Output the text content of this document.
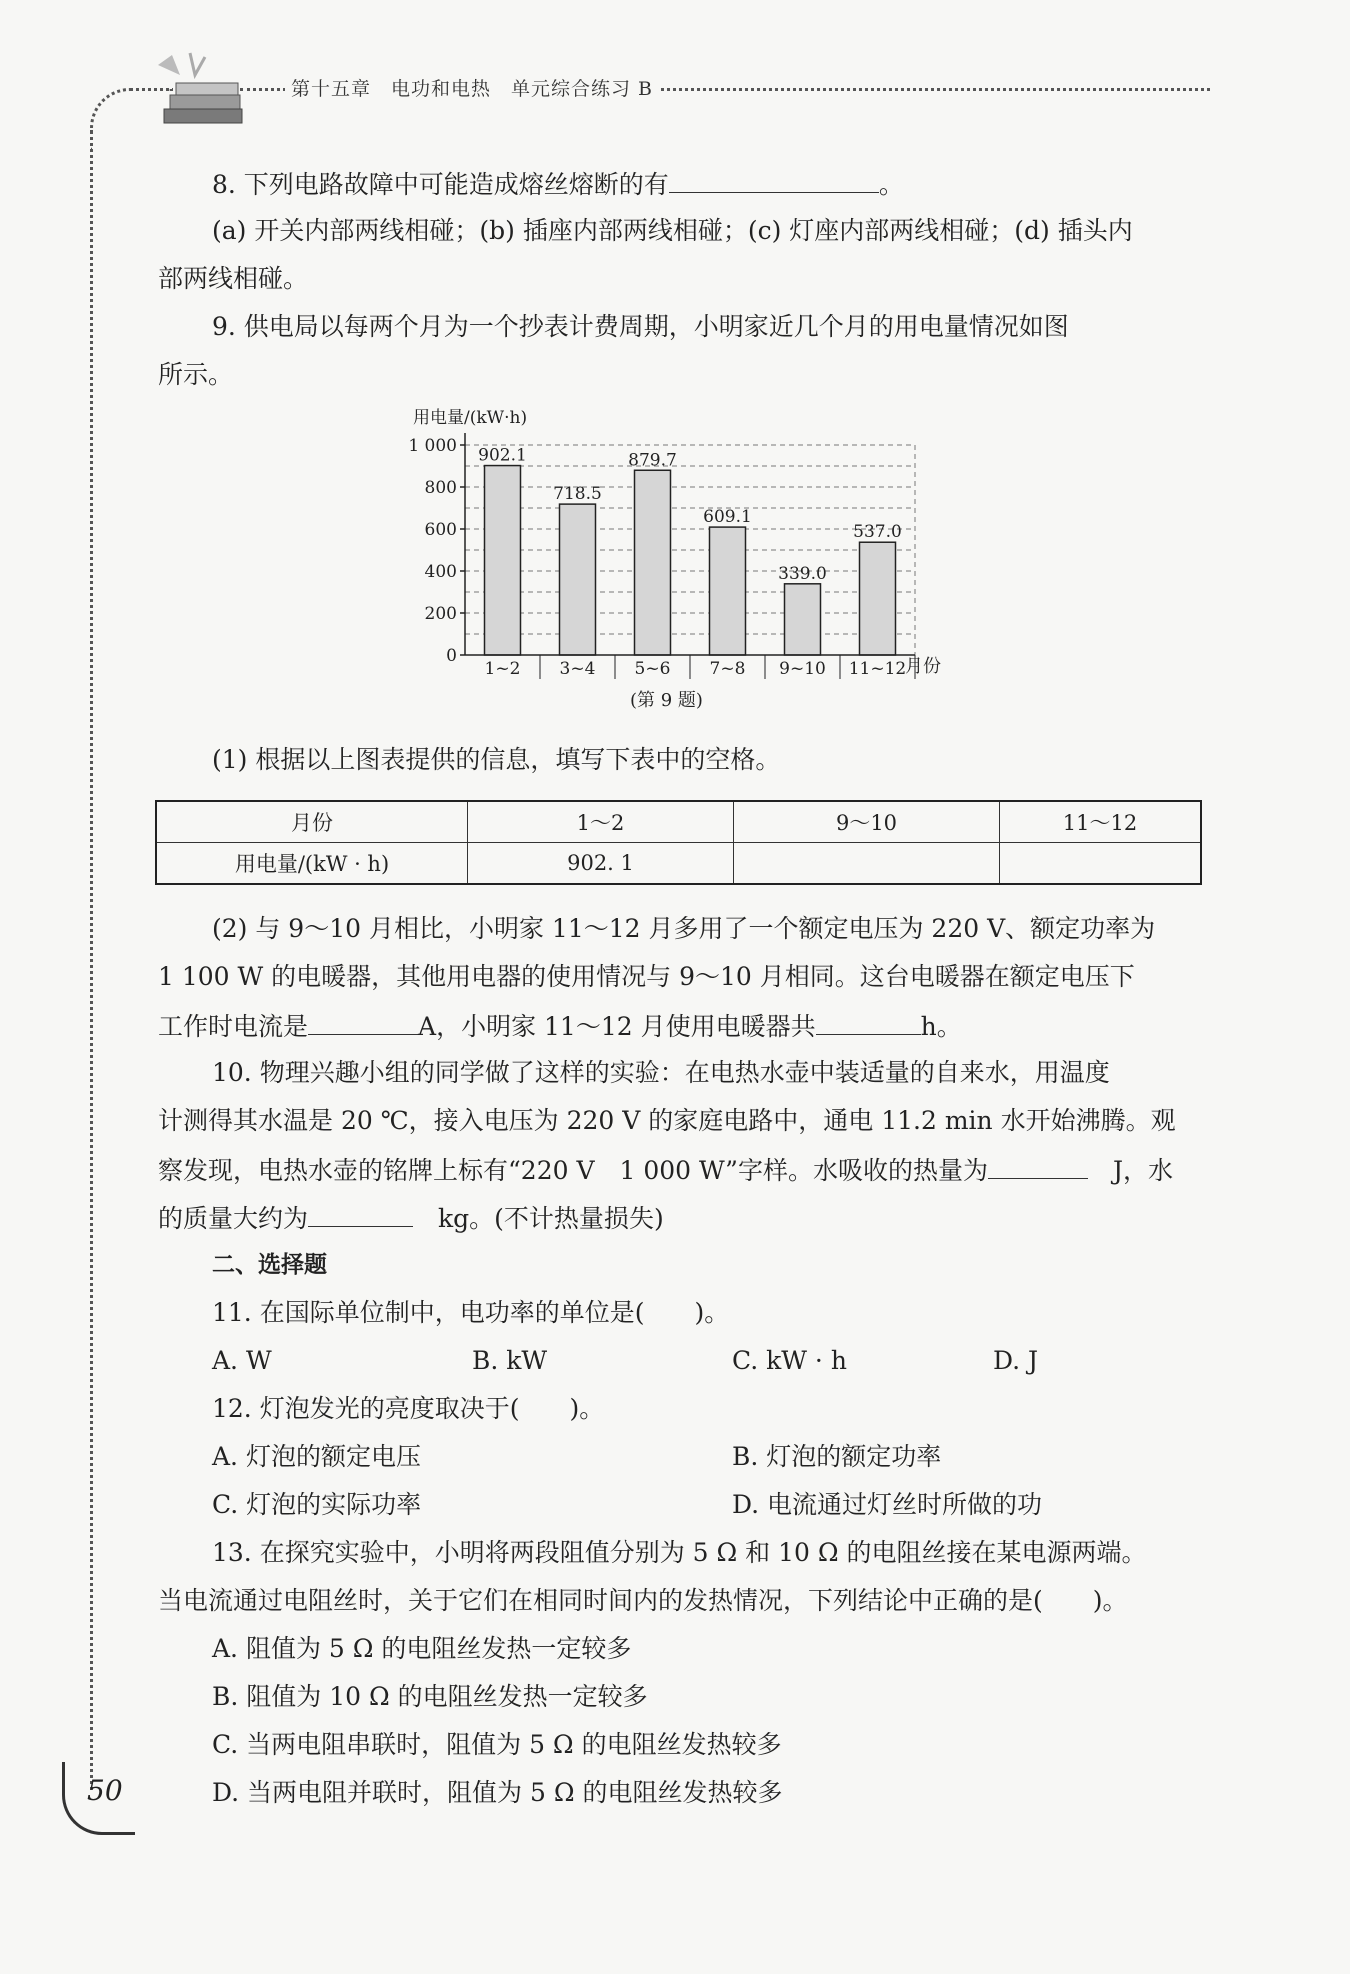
第十五章　电功和电热　单元综合练习 B
8. 下列电路故障中可能造成熔丝熔断的有	。
(a) 开关内部两线相碰；(b) 插座内部两线相碰；(c) 灯座内部两线相碰；(d) 插头内
部两线相碰。
9. 供电局以每两个月为一个抄表计费周期，小明家近几个月的用电量情况如图
所示。
用电量/(kW·h)
0
200
400
600
800
1 000
1~2 3~4 5~6 7~8 9~10 11~12
902.1
718.5
879.7
609.1
339.0
537.0
月份
(第 9 题)
(1) 根据以上图表提供的信息，填写下表中的空格。
月份	1～2	9～10	11～12
用电量/(kW · h)	902. 1		
(2) 与 9～10 月相比，小明家 11～12 月多用了一个额定电压为 220 V、额定功率为
1 100 W 的电暖器，其他用电器的使用情况与 9～10 月相同。这台电暖器在额定电压下
工作时电流是	A，小明家 11～12 月使用电暖器共	h。
10. 物理兴趣小组的同学做了这样的实验：在电热水壶中装适量的自来水，用温度
计测得其水温是 20 ℃，接入电压为 220 V 的家庭电路中，通电 11.2 min 水开始沸腾。观
察发现，电热水壶的铭牌上标有“220 V　1 000 W”字样。水吸收的热量为　	J，水
的质量大约为　	kg。(不计热量损失)
二、选择题
11. 在国际单位制中，电功率的单位是(　　)。
A. W	B. kW	C. kW · h	D. J
12. 灯泡发光的亮度取决于(　　)。
A. 灯泡的额定电压	B. 灯泡的额定功率
C. 灯泡的实际功率	D. 电流通过灯丝时所做的功
13. 在探究实验中，小明将两段阻值分别为 5 Ω 和 10 Ω 的电阻丝接在某电源两端。
当电流通过电阻丝时，关于它们在相同时间内的发热情况，下列结论中正确的是(　　)。
A. 阻值为 5 Ω 的电阻丝发热一定较多
B. 阻值为 10 Ω 的电阻丝发热一定较多
C. 当两电阻串联时，阻值为 5 Ω 的电阻丝发热较多
D. 当两电阻并联时，阻值为 5 Ω 的电阻丝发热较多
50
